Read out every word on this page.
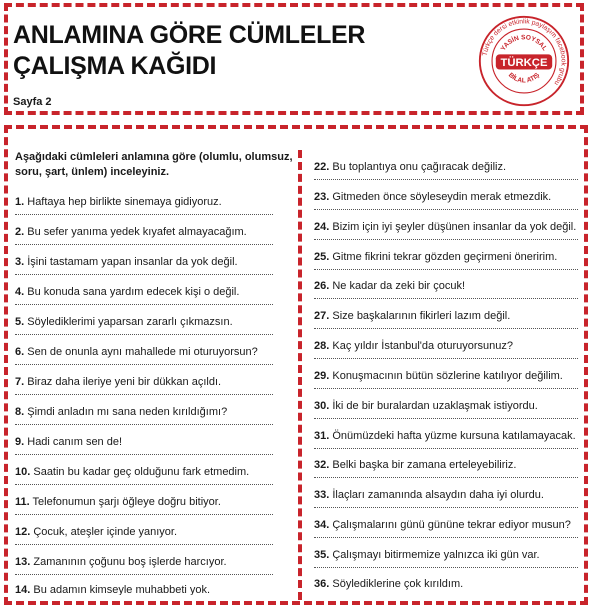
ANLAMINA GÖRE CÜMLELER
ÇALIŞMA KAĞIDI
Sayfa 2
Türkçe dersi etkinlik paylaşım facebook grubu
YASİN SOYSAL
TÜRKÇE
BİLAL ATIŞ

Aşağıdaki cümleleri anlamına göre (olumlu, olumsuz, soru, şart, ünlem) inceleyiniz.

1. Haftaya hep birlikte sinemaya gidiyoruz.
2. Bu sefer yanıma yedek kıyafet almayacağım.
3. İşini tastamam yapan insanlar da yok değil.
4. Bu konuda sana yardım edecek kişi o değil.
5. Söylediklerimi yaparsan zararlı çıkmazsın.
6. Sen de onunla aynı mahallede mi oturuyorsun?
7. Biraz daha ileriye yeni bir dükkan açıldı.
8. Şimdi anladın mı sana neden kırıldığımı?
9. Hadi canım sen de!
10. Saatin bu kadar geç olduğunu fark etmedim.
11. Telefonumun şarjı öğleye doğru bitiyor.
12. Çocuk, ateşler içinde yanıyor.
13. Zamanının çoğunu boş işlerde harcıyor.
14. Bu adamın kimseyle muhabbeti yok.
22. Bu toplantıya onu çağıracak değiliz.
23. Gitmeden önce söyleseydin merak etmezdik.
24. Bizim için iyi şeyler düşünen insanlar da yok değil.
25. Gitme fikrini tekrar gözden geçirmeni öneririm.
26. Ne kadar da zeki bir çocuk!
27. Size başkalarının fikirleri lazım değil.
28. Kaç yıldır İstanbul'da oturuyorsunuz?
29. Konuşmacının bütün sözlerine katılıyor değilim.
30. İki de bir buralardan uzaklaşmak istiyordu.
31. Önümüzdeki hafta yüzme kursuna katılamayacak.
32. Belki başka bir zamana erteleyebiliriz.
33. İlaçları zamanında alsaydın daha iyi olurdu.
34. Çalışmalarını günü gününe tekrar ediyor musun?
35. Çalışmayı bitirmemize yalnızca iki gün var.
36. Söylediklerine çok kırıldım.
